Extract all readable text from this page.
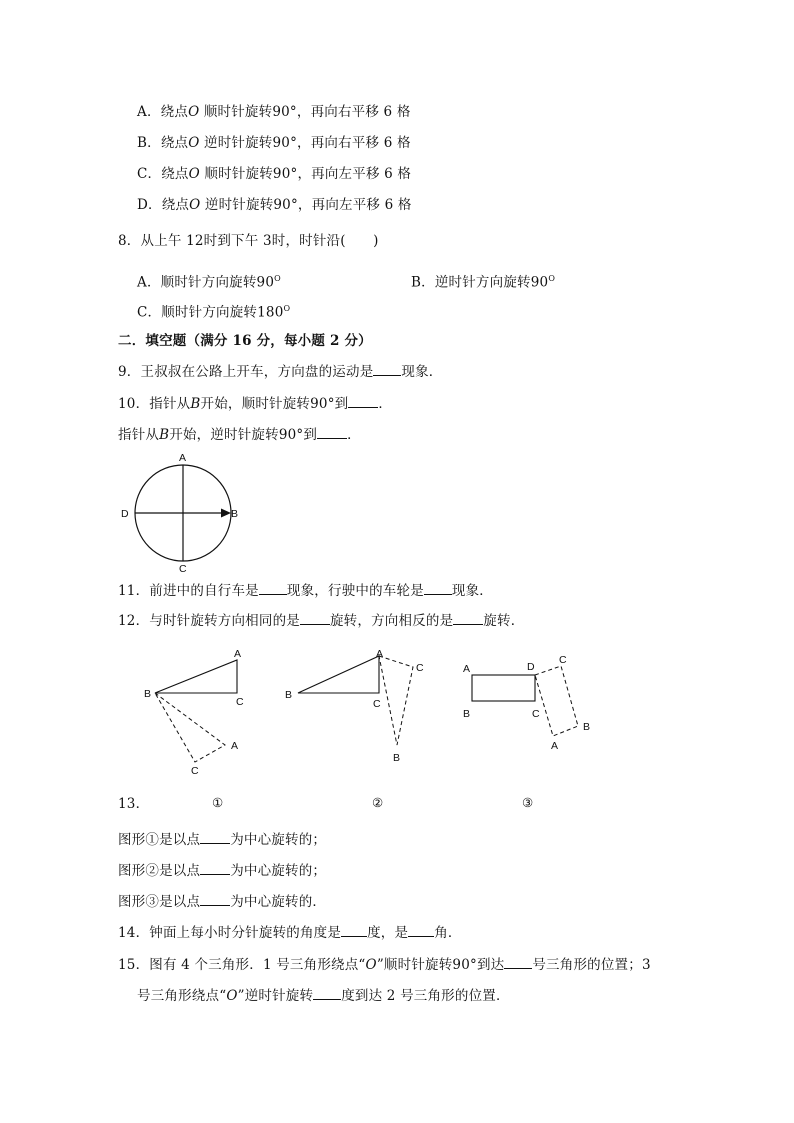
A．绕点O 顺时针旋转90°，再向右平移 6 格
B．绕点O 逆时针旋转90°，再向右平移 6 格
C．绕点O 顺时针旋转90°，再向左平移 6 格
D．绕点O 逆时针旋转90°，再向左平移 6 格
8．从上午 12时到下午 3时，时针沿(　　)
A．顺时针方向旋转$90^O$	B．逆时针方向旋转$90^O$
C．顺时针方向旋转$180^O$
二．填空题（满分 16 分，每小题 2 分）
9．王叔叔在公路上开车，方向盘的运动是 现象．
10．指针从B开始，顺时针旋转90°到 ．
指针从B开始，逆时针旋转90°到 ．
A
B
C
D
11．前进中的自行车是 现象，行驶中的车轮是 现象．
12．与时针旋转方向相同的是 旋转，方向相反的是 旋转．
A
B
C
A
C
A
B
C
C
B
A	D
B	C
C
B
A
13．	①	②	③
图形①是以点 为中心旋转的；
图形②是以点 为中心旋转的；
图形③是以点 为中心旋转的．
14．钟面上每小时分针旋转的角度是 度，是 角．
15．图有 4 个三角形．1 号三角形绕点“O”顺时针旋转90°到达 号三角形的位置；3
号三角形绕点“O”逆时针旋转 度到达 2 号三角形的位置．
